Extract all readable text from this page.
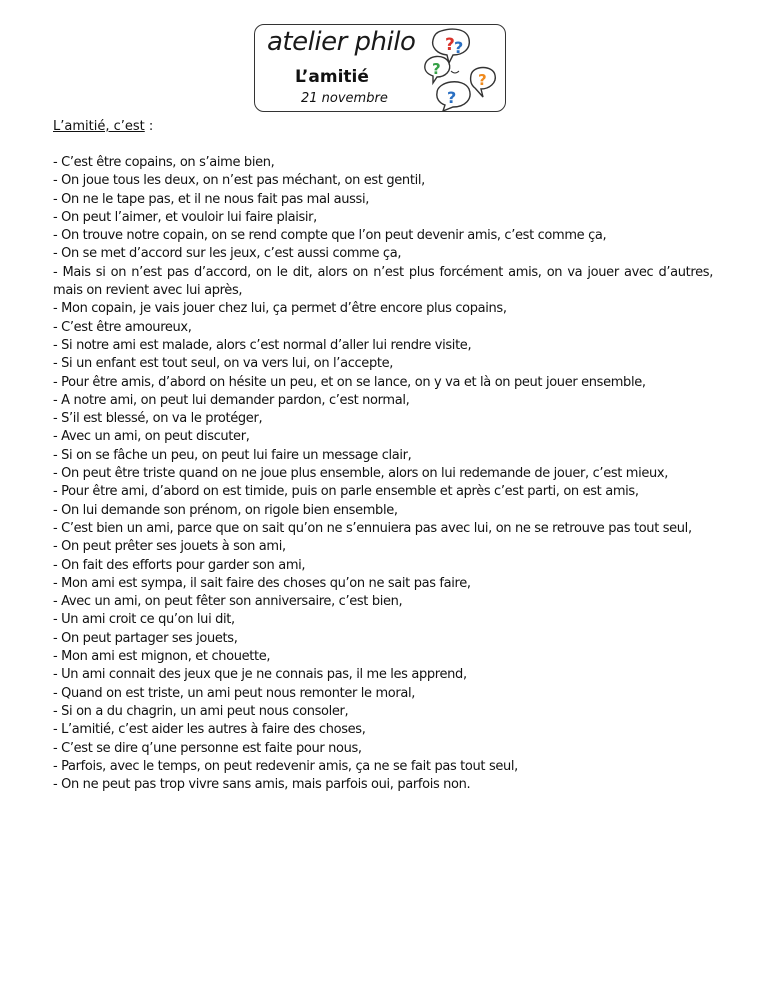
atelier philo
L’amitié
21 novembre
? ?
?
?
?
L’amitié, c’est :

- C’est être copains, on s’aime bien,

- On joue tous les deux, on n’est pas méchant, on est gentil,

- On ne le tape pas, et il ne nous fait pas mal aussi,

- On peut l’aimer, et vouloir lui faire plaisir,

- On trouve notre copain, on se rend compte que l’on peut devenir amis, c’est comme ça,

- On se met d’accord sur les jeux, c’est aussi comme ça,

- Mais si on n’est pas d’accord, on le dit, alors on n’est plus forcément amis, on va jouer avec d’autres, mais on revient avec lui après,

- Mon copain, je vais jouer chez lui, ça permet d’être encore plus copains,

- C’est être amoureux,

- Si notre ami est malade, alors c’est normal d’aller lui rendre visite,

- Si un enfant est tout seul, on va vers lui, on l’accepte,

- Pour être amis, d’abord on hésite un peu, et on se lance, on y va et là on peut jouer ensemble,

- A notre ami, on peut lui demander pardon, c’est normal,

- S’il est blessé, on va le protéger,

- Avec un ami, on peut discuter,

- Si on se fâche un peu, on peut lui faire un message clair,

- On peut être triste quand on ne joue plus ensemble, alors on lui redemande de jouer, c’est mieux,

- Pour être ami, d’abord on est timide, puis on parle ensemble et après c’est parti, on est amis,

- On lui demande son prénom, on rigole bien ensemble,

- C’est bien un ami, parce que on sait qu’on ne s’ennuiera pas avec lui, on ne se retrouve pas tout seul,

- On peut prêter ses jouets à son ami,

- On fait des efforts pour garder son ami,

- Mon ami est sympa, il sait faire des choses qu’on ne sait pas faire,

- Avec un ami, on peut fêter son anniversaire, c’est bien,

- Un ami croit ce qu’on lui dit,

- On peut partager ses jouets,

- Mon ami est mignon, et chouette,

- Un ami connait des jeux que je ne connais pas, il me les apprend,

- Quand on est triste, un ami peut nous remonter le moral,

- Si on a du chagrin, un ami peut nous consoler,

- L’amitié, c’est aider les autres à faire des choses,

- C’est se dire q’une personne est faite pour nous,

- Parfois, avec le temps, on peut redevenir amis, ça ne se fait pas tout seul,

- On ne peut pas trop vivre sans amis, mais parfois oui, parfois non.
